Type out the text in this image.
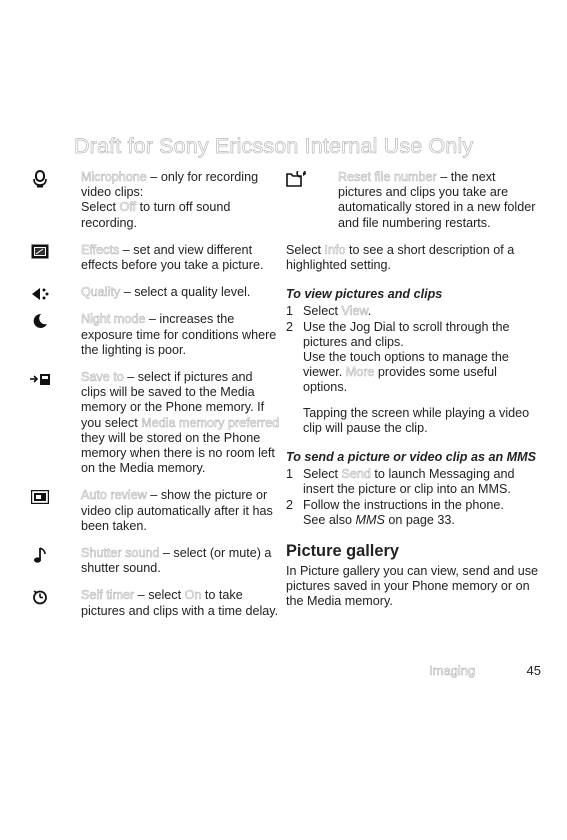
Draft for Sony Ericsson Internal Use Only
Microphone – only for recording video clips:
Select Off to turn off sound recording.
Effects – set and view different effects before you take a picture.
Quality – select a quality level.
Night mode – increases the exposure time for conditions where the lighting is poor.
Save to – select if pictures and clips will be saved to the Media memory or the Phone memory. If you select Media memory preferred they will be stored on the Phone memory when there is no room left on the Media memory.
Auto review – show the picture or video clip automatically after it has been taken.
Shutter sound – select (or mute) a shutter sound.
Self timer – select On to take pictures and clips with a time delay.
Reset file number – the next pictures and clips you take are automatically stored in a new folder and file numbering restarts.

Select Info to see a short description of a highlighted setting.

To view pictures and clips

1 Select View.

2 Use the Jog Dial to scroll through the pictures and clips.

Use the touch options to manage the viewer. More provides some useful options.

Tapping the screen while playing a video clip will pause the clip.

To send a picture or video clip as an MMS

1 Select Send to launch Messaging and insert the picture or clip into an MMS.

2 Follow the instructions in the phone.

See also MMS on page 33.

Picture gallery

In Picture gallery you can view, send and use pictures saved in your Phone memory or on the Media memory.

Imaging	45
